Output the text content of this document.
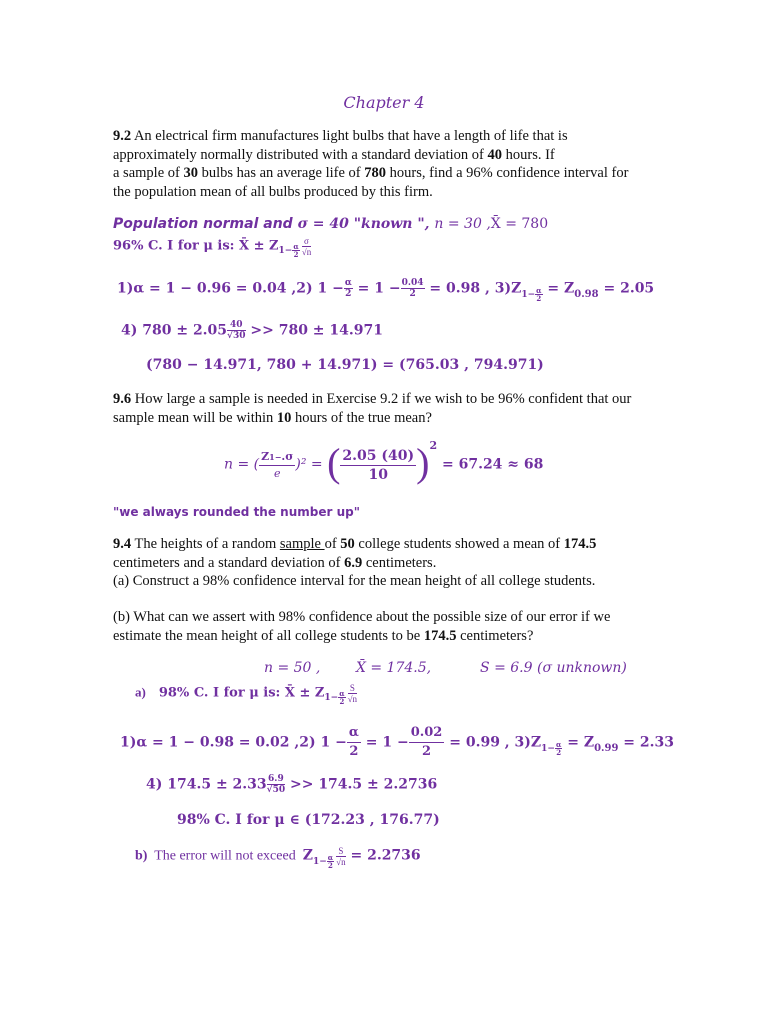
Chapter 4
9.2 An electrical firm manufactures light bulbs that have a length of life that is
approximately normally distributed with a standard deviation of 40 hours. If
a sample of 30 bulbs has an average life of 780 hours, find a 96% confidence interval for
the population mean of all bulbs produced by this firm.
Population normal and σ = 40 "known ", n = 30 ,X̄ = 780
96% C. I for μ is: X̄ ± $Z_{1- \frac{\alpha}{2}} \frac{\sigma}{√n}$
1)α = 1 − 0.96 = 0.04 ,2) $1 - \frac{\alpha}{2} = 1 - \frac{0.04}{2} = 0.98$ , $3)Z_{1- \frac{\alpha}{2}} = Z_{0.98} = 2.05$
4) $780 \pm 2.05 \frac{40}{√30} >> 780 \pm 14.971$
(780 − 14.971, 780 + 14.971) = (765.03 , 794.971)
9.6 How large a sample is needed in Exercise 9.2 if we wish to be 96% confident that our
sample mean will be within 10 hours of the true mean?
n = ( $\frac{Z1-.\sigma}{e} )^2$ = ( $\frac{2.05 (40)}{10} )^2 = 67.24 \approx 68$
"we always rounded the number up"
9.4 The heights of a random sample of 50 college students showed a mean of 174.5
centimeters and a standard deviation of 6.9 centimeters.
(a) Construct a 98% confidence interval for the mean height of all college students.
(b) What can we assert with 98% confidence about the possible size of our error if we
estimate the mean height of all college students to be 174.5 centimeters?
n = 50 ,        X̄ = 174.5,           S = 6.9 (σ unknown)
a)    98% C. I for μ is: X̄ ± $Z_{1- \frac{\alpha}{2}} \frac{S}{√n}$
1)α = 1 − 0.98 = 0.02 ,2) $1 - \frac{\alpha}{2} = 1 - \frac{0.02}{2} = 0.99$ , $3)Z_{1- \frac{\alpha}{2}} = Z_{0.99} = 2.33$
4) $174.5 \pm 2.33 \frac{6.9}{√50} >> 174.5 \pm 2.2736$
98% C. I for μ ∈ (172.23 , 176.77)
b)  The error will not exceed  $Z_{1- \frac{\alpha}{2}} \frac{S}{√n} = 2.2736$
